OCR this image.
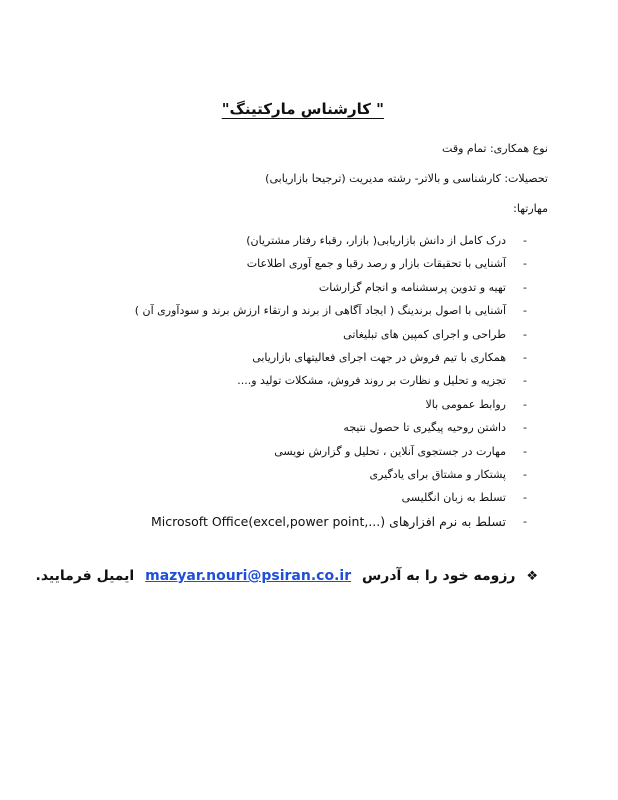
" کارشناس مارکتینگ"
نوع همکاری: تمام وقت
تحصیلات: کارشناسی و بالاتر- رشته مدیریت (ترجیحا بازاریابی)
مهارتها:
-
درک کامل از دانش بازاریابی( بازار، رقباء رفتار مشتریان)
-
آشنایی با تحقیقات بازار و رصد رقبا و جمع آوری اطلاعات
-
تهیه و تدوین پرسشنامه و انجام گزارشات
-
آشنایی با اصول برندینگ ( ایجاد آگاهی از برند و ارتقاء ارزش برند و سودآوری آن )
-
طراحی و اجرای کمپین های تبلیغاتی
-
همکاری با تیم فروش در جهت اجرای فعالیتهای بازاریابی
-
تجزیه و تحلیل و نظارت بر روند فروش، مشکلات تولید و....
-
روابط عمومی بالا
-
داشتن روحیه پیگیری تا حصول نتیجه
-
مهارت در جستجوی آنلاین ، تحلیل و گزارش نویسی
-
پشتکار و مشتاق برای یادگیری
-
تسلط به زبان انگلیسی
-
تسلط به نرم افزارهای (...,Microsoft Office(excel,power point
❖ رزومه خود را به آدرس mazyar.nouri@psiran.co.ir ایمیل فرمایید.
